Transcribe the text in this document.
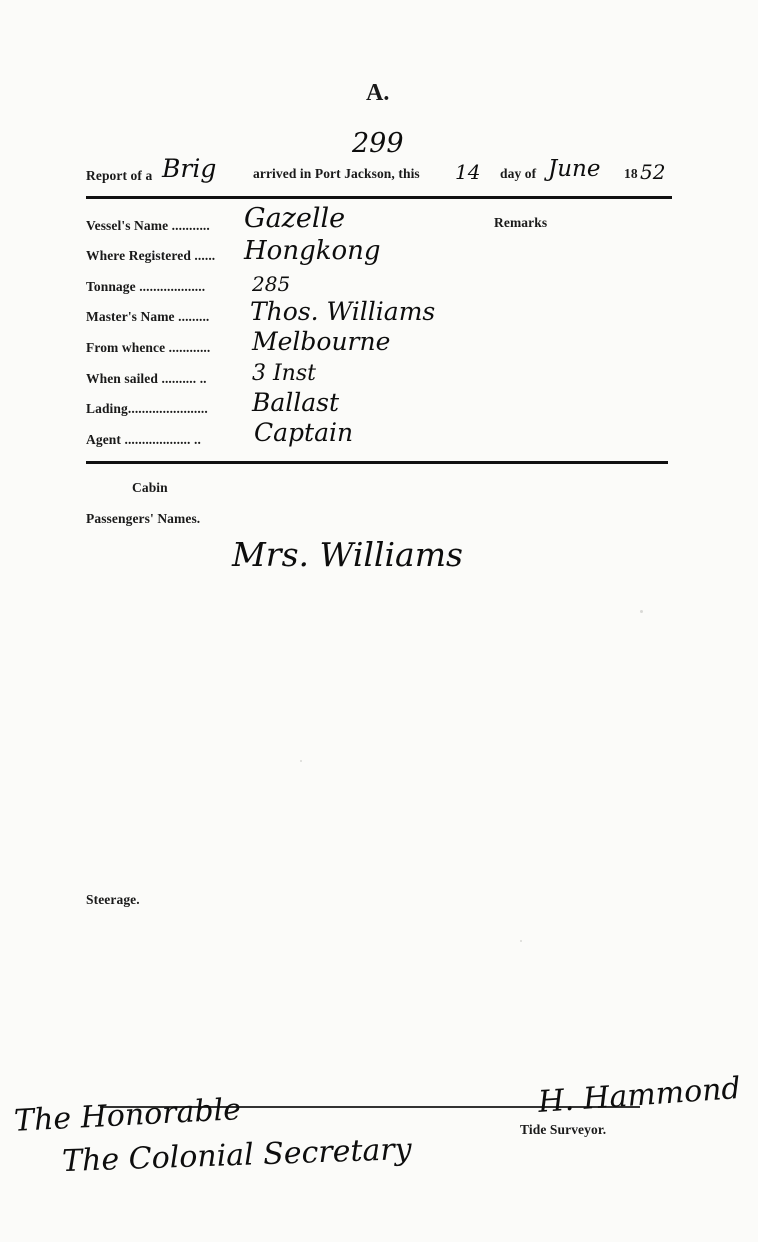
A.
299
Report of a Brig	arrived in Port Jackson, this 14 day of June 18 52
Vessel's Name ........... Gazelle
Where Registered ...... Hongkong
Tonnage ................... 285
Master's Name ......... Thos. Williams
From whence ............ Melbourne
When sailed .......... .. 3 Inst
Lading....................... Ballast
Agent ................... .. Captain
Remarks
Cabin
Passengers' Names.
Mrs. Williams
Steerage.
The Honorable
The Colonial Secretary
H. Hammond
Tide Surveyor.
